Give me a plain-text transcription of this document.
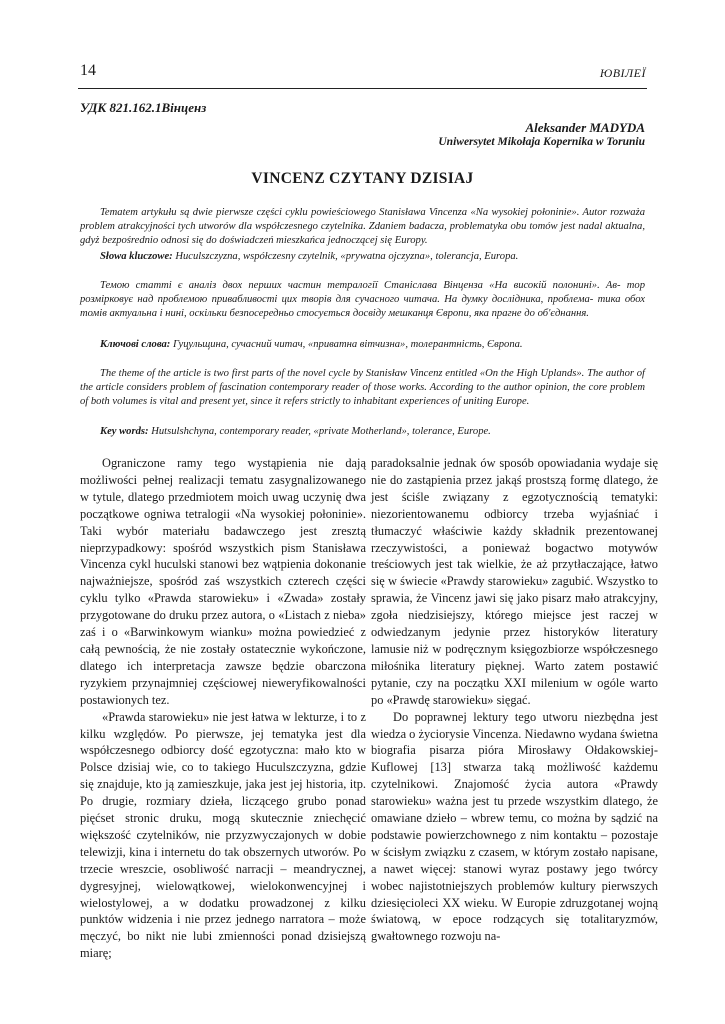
14	ЮВІЛЕЇ
УДК 821.162.1Вінценз
Aleksander MADYDA
Uniwersytet Mikołaja Kopernika w Toruniu
VINCENZ CZYTANY DZISIAJ

Tematem artykułu są dwie pierwsze części cyklu powieściowego Stanisława Vincenza «Na wysokiej połoninie». Autor rozważa problem atrakcyjności tych utworów dla współczesnego czytelnika. Zdaniem badacza, problematyka obu tomów jest nadal aktualna, gdyż bezpośrednio odnosi się do doświadczeń mieszkańca jednoczącej się Europy.

Słowa kluczowe: Huculszczyzna, współczesny czytelnik, «prywatna ojczyzna», tolerancja, Europa.

Темою статті є аналіз двох перших частин тетралогії Станіслава Вінценза «На високій полонині». Ав- тор розмірковує над проблемою привабливості цих творів для сучасного читача. На думку дослідника, проблема- тика обох томів актуальна і нині, оскільки безпосередньо стосується досвіду мешканця Європи, яка прагне до об'єднання.

Ключові слова: Гуцульщина, сучасний читач, «приватна вітчизна», толерантність, Європа.

The theme of the article is two first parts of the novel cycle by Stanisław Vincenz entitled «On the High Uplands». The author of the article considers problem of fascination contemporary reader of those works. According to the author opinion, the core problem of both volumes is vital and present yet, since it refers strictly to inhabitant experiences of uniting Europe.

Key words: Hutsulshchyna, contemporary reader, «private Motherland», tolerance, Europe.

Ograniczone ramy tego wystąpienia nie dają możliwości pełnej realizacji tematu zasygnalizowanego w tytule, dlatego przedmiotem moich uwag uczynię dwa początkowe ogniwa tetralogii «Na wysokiej połoninie». Taki wybór materiału badawczego jest zresztą nieprzypadkowy: spośród wszystkich pism Stanisława Vincenza cykl huculski stanowi bez wątpienia dokonanie najważniejsze, spośród zaś wszystkich czterech części cyklu tylko «Prawda starowieku» i «Zwada» zostały przygotowane do druku przez autora, o «Listach z nieba» zaś i o «Barwinkowym wianku» można powiedzieć z całą pewnością, że nie zostały ostatecznie wykończone, dlatego ich interpretacja zawsze będzie obarczona ryzykiem przynajmniej częściowej nieweryfikowalności postawionych tez.

«Prawda starowieku» nie jest łatwa w lekturze, i to z kilku względów. Po pierwsze, jej tematyka jest dla współczesnego odbiorcy dość egzotyczna: mało kto w Polsce dzisiaj wie, co to takiego Huculszczyzna, gdzie się znajduje, kto ją zamieszkuje, jaka jest jej historia, itp. Po drugie, rozmiary dzieła, liczącego grubo ponad pięćset stronic druku, mogą skutecznie zniechęcić większość czytelników, nie przyzwyczajonych w dobie telewizji, kina i internetu do tak obszernych utworów. Po trzecie wreszcie, osobliwość narracji – meandrycznej, dygresyjnej, wielowątkowej, wielokonwencyjnej i wielostylowej, a w dodatku prowadzonej z kilku punktów widzenia i nie przez jednego narratora – może męczyć, bo nikt nie lubi zmienności ponad dzisiejszą miarę;

paradoksalnie jednak ów sposób opowiadania wydaje się nie do zastąpienia przez jakąś prostszą formę dlatego, że jest ściśle związany z egzotycznością tematyki: niezorientowanemu odbiorcy trzeba wyjaśniać i tłumaczyć właściwie każdy składnik prezentowanej rzeczywistości, a ponieważ bogactwo motywów treściowych jest tak wielkie, że aż przytłaczające, łatwo się w świecie «Prawdy starowieku» zagubić. Wszystko to sprawia, że Vincenz jawi się jako pisarz mało atrakcyjny, zgoła niedzisiejszy, którego miejsce jest raczej w odwiedzanym jedynie przez historyków literatury lamusie niż w podręcznym księgozbiorze współczesnego miłośnika literatury pięknej. Warto zatem postawić pytanie, czy na początku XXI milenium w ogóle warto po «Prawdę starowieku» sięgać.

Do poprawnej lektury tego utworu niezbędna jest wiedza o życiorysie Vincenza. Niedawno wydana świetna biografia pisarza pióra Mirosławy Ołdakowskiej-Kuflowej [13] stwarza taką możliwość każdemu czytelnikowi. Znajomość życia autora «Prawdy starowieku» ważna jest tu przede wszystkim dlatego, że omawiane dzieło – wbrew temu, co można by sądzić na podstawie powierzchownego z nim kontaktu – pozostaje w ścisłym związku z czasem, w którym zostało napisane, a nawet więcej: stanowi wyraz postawy jego twórcy wobec najistotniejszych problemów kultury pierwszych dziesięcioleci XX wieku. W Europie zdruzgotanej wojną światową, w epoce rodzących się totalitaryzmów, gwałtownego rozwoju na-
